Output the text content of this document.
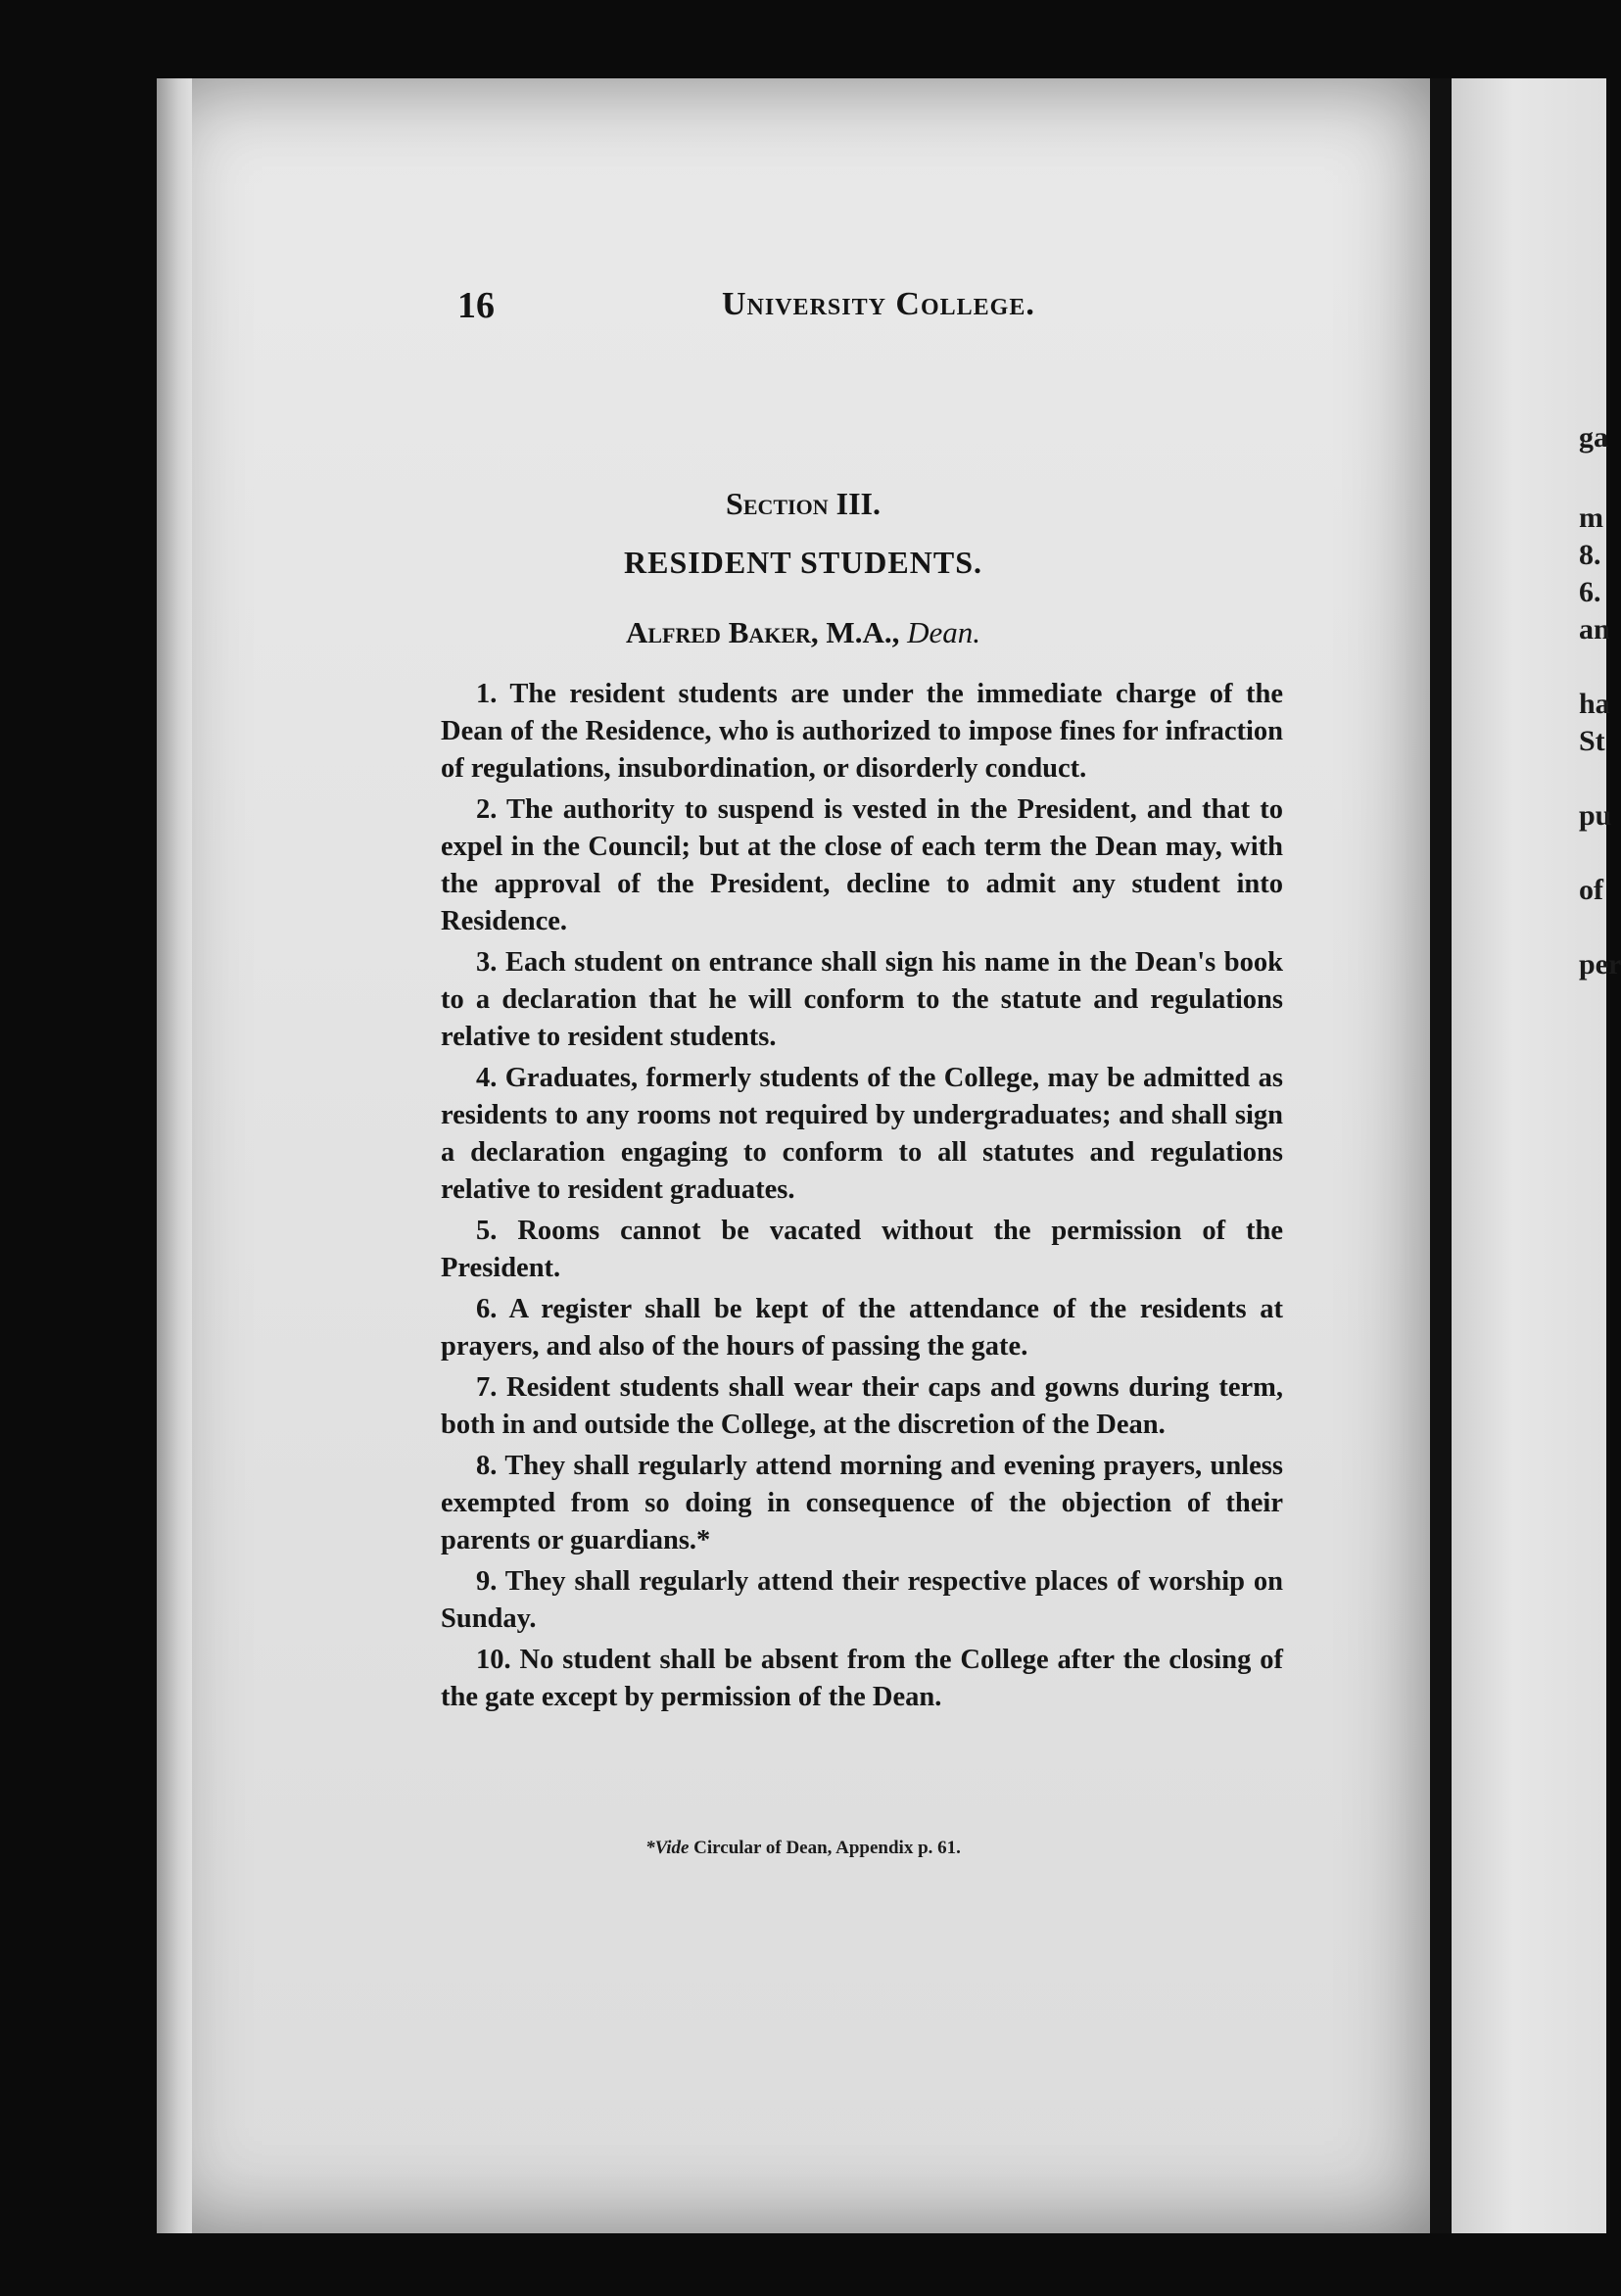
ga
m
8.
6.
an
ha
St
pu
of
per
16	University College.
Section III.
RESIDENT STUDENTS.
Alfred Baker, M.A., Dean.

1. The resident students are under the immediate charge of the Dean of the Residence, who is authorized to impose fines for infraction of regulations, insubordination, or disorderly conduct.

2. The authority to suspend is vested in the President, and that to expel in the Council; but at the close of each term the Dean may, with the approval of the President, decline to admit any student into Residence.

3. Each student on entrance shall sign his name in the Dean's book to a declaration that he will conform to the statute and regulations relative to resident students.

4. Graduates, formerly students of the College, may be admitted as residents to any rooms not required by undergraduates; and shall sign a declaration engaging to conform to all statutes and regulations relative to resident graduates.

5. Rooms cannot be vacated without the permission of the President.

6. A register shall be kept of the attendance of the residents at prayers, and also of the hours of passing the gate.

7. Resident students shall wear their caps and gowns during term, both in and outside the College, at the discretion of the Dean.

8. They shall regularly attend morning and evening prayers, unless exempted from so doing in consequence of the objection of their parents or guardians.*

9. They shall regularly attend their respective places of worship on Sunday.

10. No student shall be absent from the College after the closing of the gate except by permission of the Dean.

*Vide Circular of Dean, Appendix p. 61.
